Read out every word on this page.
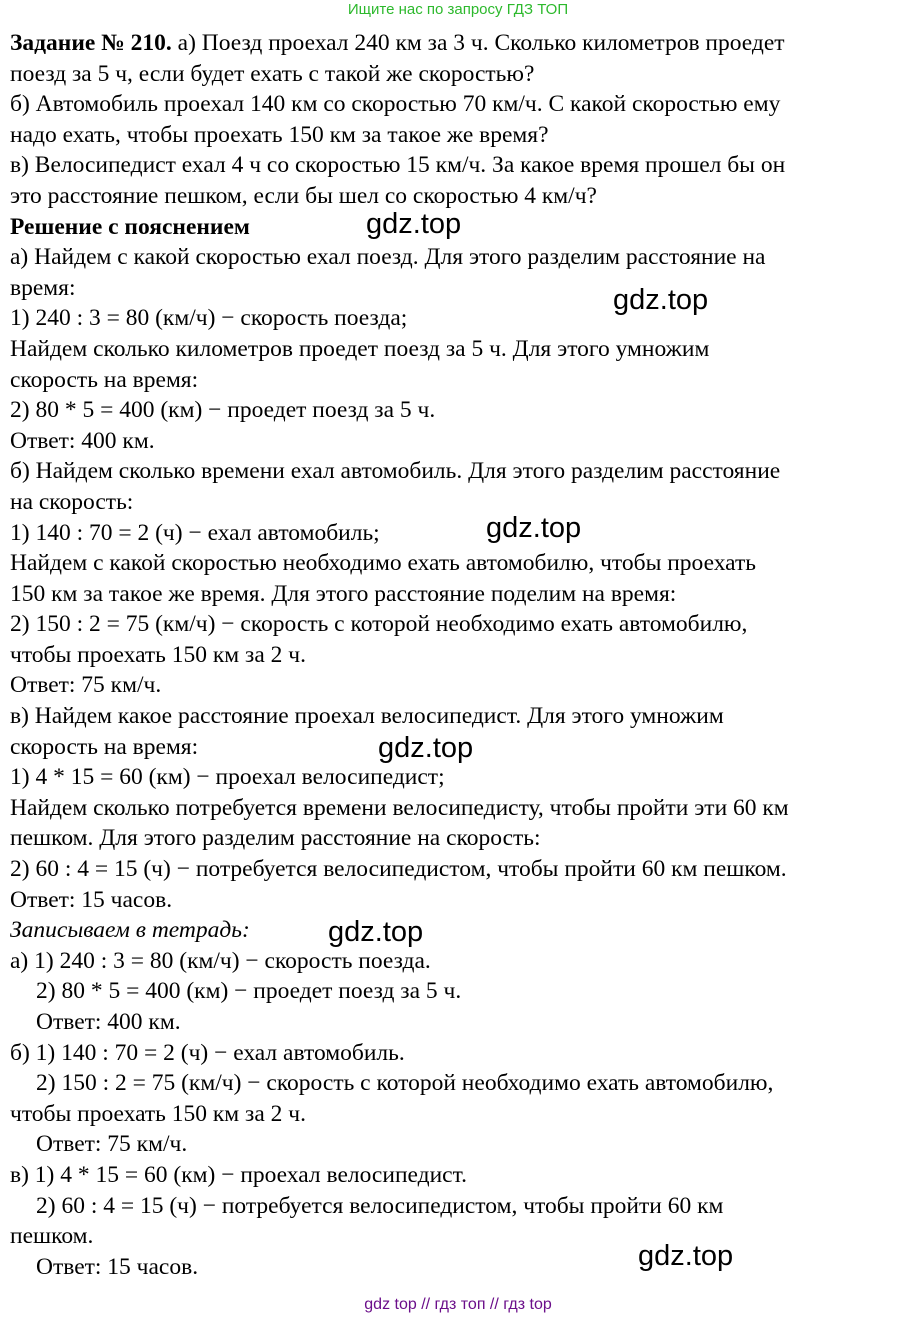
Ищите нас по запросу ГДЗ ТОП
Задание № 210. а) Поезд проехал 240 км за 3 ч. Сколько километров проедет
поезд за 5 ч, если будет ехать с такой же скоростью?
б) Автомобиль проехал 140 км со скоростью 70 км/ч. С какой скоростью ему
надо ехать, чтобы проехать 150 км за такое же время?
в) Велосипедист ехал 4 ч со скоростью 15 км/ч. За какое время прошел бы он
это расстояние пешком, если бы шел со скоростью 4 км/ч?
Решение с пояснением
а) Найдем с какой скоростью ехал поезд. Для этого разделим расстояние на
время:
1) 240 : 3 = 80 (км/ч) − скорость поезда;
Найдем сколько километров проедет поезд за 5 ч. Для этого умножим
скорость на время:
2) 80 * 5 = 400 (км) − проедет поезд за 5 ч.
Ответ: 400 км.
б) Найдем сколько времени ехал автомобиль. Для этого разделим расстояние
на скорость:
1) 140 : 70 = 2 (ч) − ехал автомобиль;
Найдем с какой скоростью необходимо ехать автомобилю, чтобы проехать
150 км за такое же время. Для этого расстояние поделим на время:
2) 150 : 2 = 75 (км/ч) − скорость с которой необходимо ехать автомобилю,
чтобы проехать 150 км за 2 ч.
Ответ: 75 км/ч.
в) Найдем какое расстояние проехал велосипедист. Для этого умножим
скорость на время:
1) 4 * 15 = 60 (км) − проехал велосипедист;
Найдем сколько потребуется времени велосипедисту, чтобы пройти эти 60 км
пешком. Для этого разделим расстояние на скорость:
2) 60 : 4 = 15 (ч) − потребуется велосипедистом, чтобы пройти 60 км пешком.
Ответ: 15 часов.
Записываем в тетрадь:
а) 1) 240 : 3 = 80 (км/ч) − скорость поезда.
2) 80 * 5 = 400 (км) − проедет поезд за 5 ч.
Ответ: 400 км.
б) 1) 140 : 70 = 2 (ч) − ехал автомобиль.
2) 150 : 2 = 75 (км/ч) − скорость с которой необходимо ехать автомобилю,
чтобы проехать 150 км за 2 ч.
Ответ: 75 км/ч.
в) 1) 4 * 15 = 60 (км) − проехал велосипедист.
2) 60 : 4 = 15 (ч) − потребуется велосипедистом, чтобы пройти 60 км
пешком.
Ответ: 15 часов.
gdz.top
gdz.top
gdz.top
gdz.top
gdz.top
gdz.top
gdz top // гдз топ // гдз top
